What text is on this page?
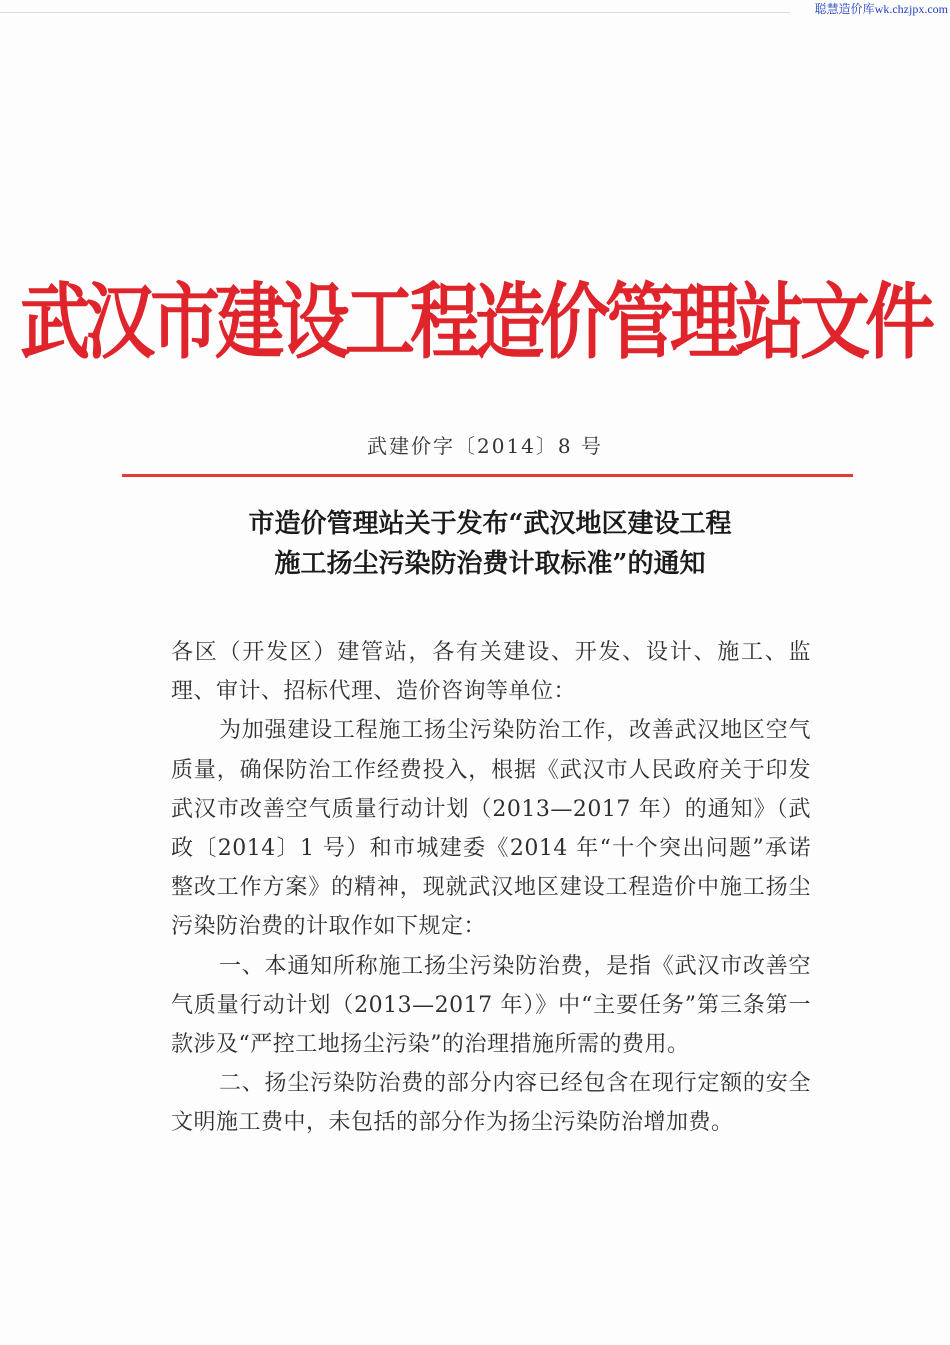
聪慧造价库wk.chzjpx.com
武汉市建设工程造价管理站文件
武建价字〔2014〕8 号
市造价管理站关于发布“武汉地区建设工程
施工扬尘污染防治费计取标准”的通知

各区（开发区）建管站，各有关建设、开发、设计、施工、监理、审计、招标代理、造价咨询等单位：

为加强建设工程施工扬尘污染防治工作，改善武汉地区空气质量，确保防治工作经费投入，根据《武汉市人民政府关于印发武汉市改善空气质量行动计划（2013—2017 年）的通知》（武政〔2014〕1 号）和市城建委《2014 年“十个突出问题”承诺整改工作方案》的精神，现就武汉地区建设工程造价中施工扬尘污染防治费的计取作如下规定：

一、本通知所称施工扬尘污染防治费，是指《武汉市改善空气质量行动计划（2013—2017 年）》中“主要任务”第三条第一款涉及“严控工地扬尘污染”的治理措施所需的费用。

二、扬尘污染防治费的部分内容已经包含在现行定额的安全文明施工费中，未包括的部分作为扬尘污染防治增加费。
